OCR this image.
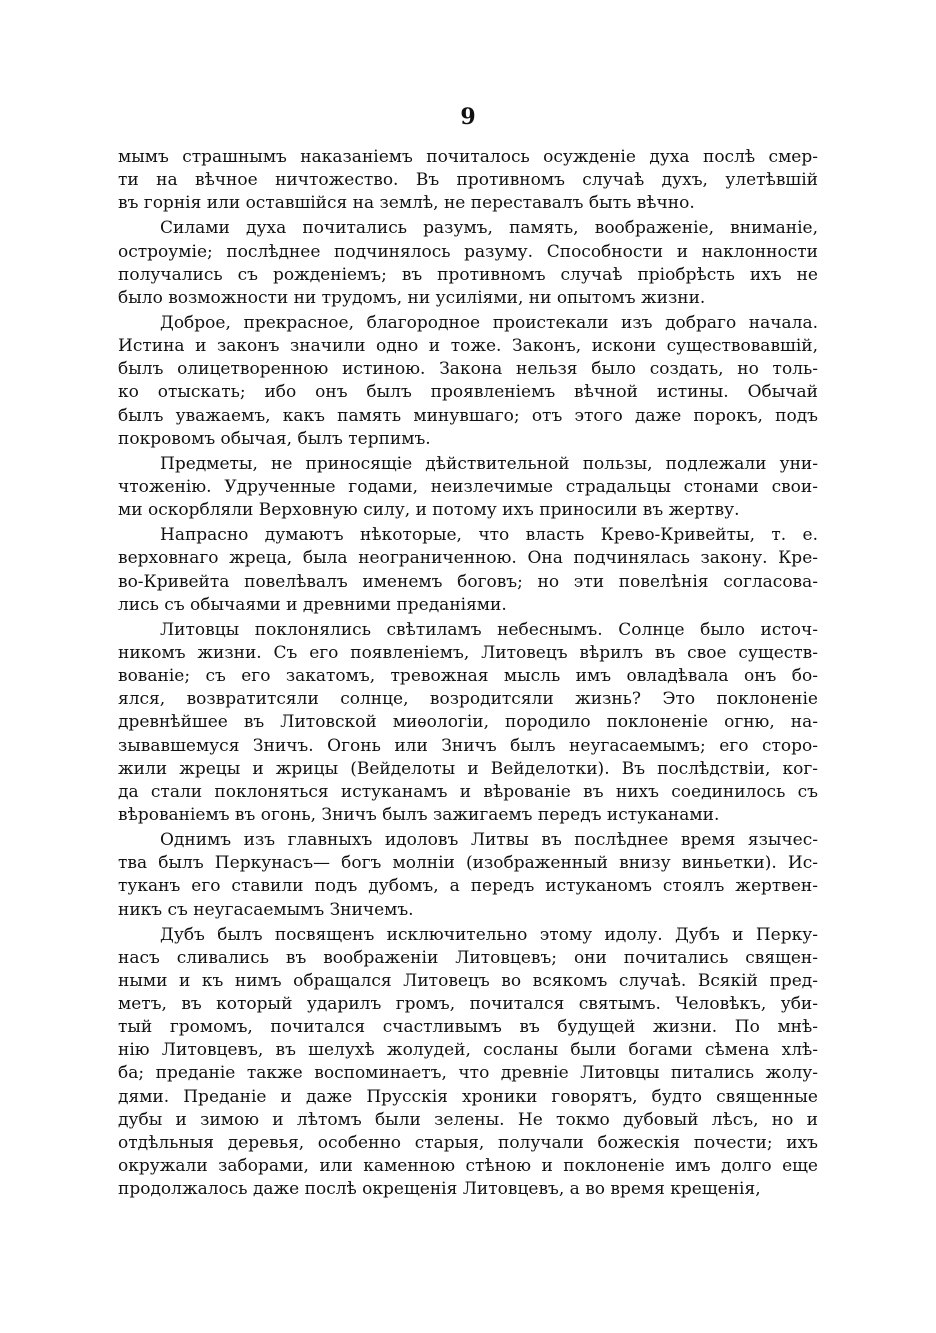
9
мымъ страшнымъ наказаніемъ почиталось осужденіе духа послѣ смер-
ти на вѣчное ничтожество. Въ противномъ случаѣ духъ, улетѣвшій
въ горнія или оставшійся на землѣ, не переставалъ быть вѣчно.
Силами духа почитались разумъ, память, воображеніе, вниманіе,
остроуміе; послѣднее подчинялось разуму. Способности и наклонности
получались съ рожденіемъ; въ противномъ случаѣ пріобрѣсть ихъ не
было возможности ни трудомъ, ни усиліями, ни опытомъ жизни.
Доброе, прекрасное, благородное проистекали изъ добраго начала.
Истина и законъ значили одно и тоже. Законъ, искони существовавшій,
былъ олицетворенною истиною. Закона нельзя было создать, но толь-
ко отыскать; ибо онъ былъ проявленіемъ вѣчной истины. Обычай
былъ уважаемъ, какъ память минувшаго; отъ этого даже порокъ, подъ
покровомъ обычая, былъ терпимъ.
Предметы, не приносящіе дѣйствительной пользы, подлежали уни-
чтоженію. Удрученные годами, неизлечимые страдальцы стонами свои-
ми оскорбляли Верховную силу, и потому ихъ приносили въ жертву.
Напрасно думаютъ нѣкоторые, что власть Крево-Кривейты, т. е.
верховнаго жреца, была неограниченною. Она подчинялась закону. Кре-
во-Кривейта повелѣвалъ именемъ боговъ; но эти повелѣнія согласова-
лись съ обычаями и древними преданіями.
Литовцы поклонялись свѣтиламъ небеснымъ. Солнце было источ-
никомъ жизни. Съ его появленіемъ, Литовецъ вѣрилъ въ свое существ-
вованіе; съ его закатомъ, тревожная мысль имъ овладѣвала онъ бо-
ялся, возвратитсяли солнце, возродитсяли жизнь? Это поклоненіе
древнѣйшее въ Литовской миѳологіи, породило поклоненіе огню, на-
зывавшемуся Зничъ. Огонь или Зничъ былъ неугасаемымъ; его сторо-
жили жрецы и жрицы (Вейделоты и Вейделотки). Въ послѣдствіи, ког-
да стали поклоняться истуканамъ и вѣрованіе въ нихъ соединилось съ
вѣрованіемъ въ огонь, Зничъ былъ зажигаемъ передъ истуканами.
Однимъ изъ главныхъ идоловъ Литвы въ послѣднее время язычес-
тва былъ Перкунасъ— богъ молніи (изображенный внизу виньетки). Ис-
туканъ его ставили подъ дубомъ, а передъ истуканомъ стоялъ жертвен-
никъ съ неугасаемымъ Зничемъ.
Дубъ былъ посвященъ исключительно этому идолу. Дубъ и Перку-
насъ сливались въ воображеніи Литовцевъ; они почитались священ-
ными и къ нимъ обращался Литовецъ во всякомъ случаѣ. Всякій пред-
метъ, въ который ударилъ громъ, почитался святымъ. Человѣкъ, уби-
тый громомъ, почитался счастливымъ въ будущей жизни. По мнѣ-
нію Литовцевъ, въ шелухѣ жолудей, сосланы были богами сѣмена хлѣ-
ба; преданіе также воспоминаетъ, что древніе Литовцы питались жолу-
дями. Преданіе и даже Прусскія хроники говорятъ, будто священные
дубы и зимою и лѣтомъ были зелены. Не токмо дубовый лѣсъ, но и
отдѣльныя деревья, особенно старыя, получали божескія почести; ихъ
окружали заборами, или каменною стѣною и поклоненіе имъ долго еще
продолжалось даже послѣ окрещенія Литовцевъ, а во время крещенія,
